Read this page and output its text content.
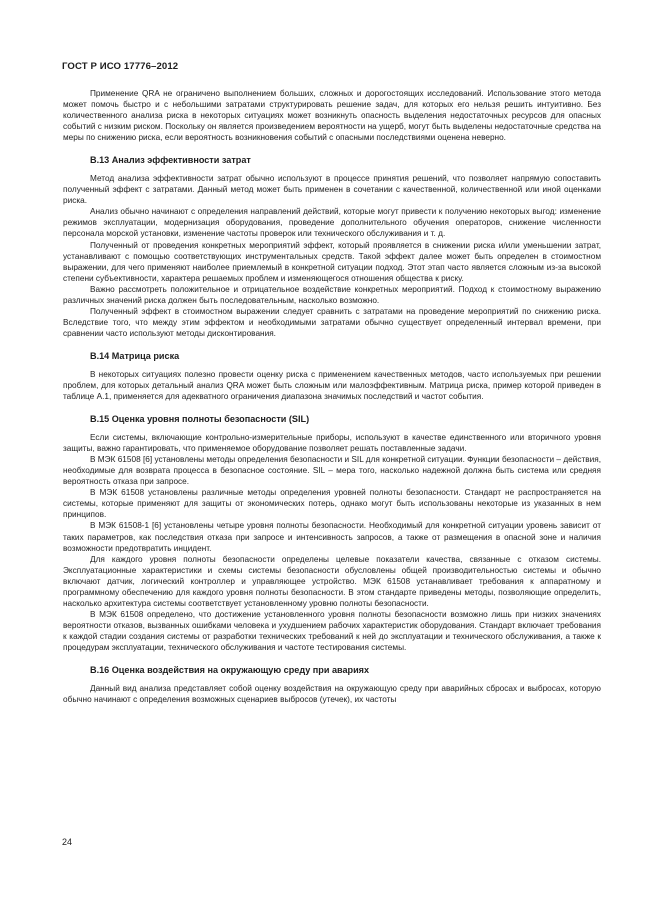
ГОСТ Р ИСО 17776–2012

Применение QRA не ограничено выполнением больших, сложных и дорогостоящих исследований. Использование этого метода может помочь быстро и с небольшими затратами структурировать решение задач, для которых его нельзя решить интуитивно. Без количественного анализа риска в некоторых ситуациях может возникнуть опасность выделения недостаточных ресурсов для опасных событий с низким риском. Поскольку он является произведением вероятности на ущерб, могут быть выделены недостаточные средства на меры по снижению риска, если вероятность возникновения событий с опасными последствиями оценена неверно.

В.13 Анализ эффективности затрат

Метод анализа эффективности затрат обычно используют в процессе принятия решений, что позволяет напрямую сопоставить полученный эффект с затратами. Данный метод может быть применен в сочетании с качественной, количественной или иной оценками риска.

Анализ обычно начинают с определения направлений действий, которые могут привести к получению некоторых выгод: изменение режимов эксплуатации, модернизация оборудования, проведение дополнительного обучения операторов, снижение численности персонала морской установки, изменение частоты проверок или технического обслуживания и т. д.

Полученный от проведения конкретных мероприятий эффект, который проявляется в снижении риска и/или уменьшении затрат, устанавливают с помощью соответствующих инструментальных средств. Такой эффект далее может быть определен в стоимостном выражении, для чего применяют наиболее приемлемый в конкретной ситуации подход. Этот этап часто является сложным из-за высокой степени субъективности, характера решаемых проблем и изменяющегося отношения общества к риску.

Важно рассмотреть положительное и отрицательное воздействие конкретных мероприятий. Подход к стоимостному выражению различных значений риска должен быть последовательным, насколько возможно.

Полученный эффект в стоимостном выражении следует сравнить с затратами на проведение мероприятий по снижению риска. Вследствие того, что между этим эффектом и необходимыми затратами обычно существует определенный интервал времени, при сравнении часто используют методы дисконтирования.

В.14 Матрица риска

В некоторых ситуациях полезно провести оценку риска с применением качественных методов, часто используемых при решении проблем, для которых детальный анализ QRA может быть сложным или малоэффективным. Матрица риска, пример которой приведен в таблице А.1, применяется для адекватного ограничения диапазона значимых последствий и частот события.

В.15 Оценка уровня полноты безопасности (SIL)

Если системы, включающие контрольно-измерительные приборы, используют в качестве единственного или вторичного уровня защиты, важно гарантировать, что применяемое оборудование позволяет решать поставленные задачи.

В МЭК 61508 [6] установлены методы определения безопасности и SIL для конкретной ситуации. Функции безопасности – действия, необходимые для возврата процесса в безопасное состояние. SIL – мера того, насколько надежной должна быть система или средняя вероятность отказа при запросе.

В МЭК 61508 установлены различные методы определения уровней полноты безопасности. Стандарт не распространяется на системы, которые применяют для защиты от экономических потерь, однако могут быть использованы некоторые из указанных в нем принципов.

В МЭК 61508-1 [6] установлены четыре уровня полноты безопасности. Необходимый для конкретной ситуации уровень зависит от таких параметров, как последствия отказа при запросе и интенсивность запросов, а также от размещения в опасной зоне и наличия возможности предотвратить инцидент.

Для каждого уровня полноты безопасности определены целевые показатели качества, связанные с отказом системы. Эксплуатационные характеристики и схемы системы безопасности обусловлены общей производительностью системы и обычно включают датчик, логический контроллер и управляющее устройство. МЭК 61508 устанавливает требования к аппаратному и программному обеспечению для каждого уровня полноты безопасности. В этом стандарте приведены методы, позволяющие определить, насколько архитектура системы соответствует установленному уровню полноты безопасности.

В МЭК 61508 определено, что достижение установленного уровня полноты безопасности возможно лишь при низких значениях вероятности отказов, вызванных ошибками человека и ухудшением рабочих характеристик оборудования. Стандарт включает требования к каждой стадии создания системы от разработки технических требований к ней до эксплуатации и технического обслуживания, а также к процедурам эксплуатации, технического обслуживания и частоте тестирования системы.

В.16 Оценка воздействия на окружающую среду при авариях

Данный вид анализа представляет собой оценку воздействия на окружающую среду при аварийных сбросах и выбросах, которую обычно начинают с определения возможных сценариев выбросов (утечек), их частоты

24
